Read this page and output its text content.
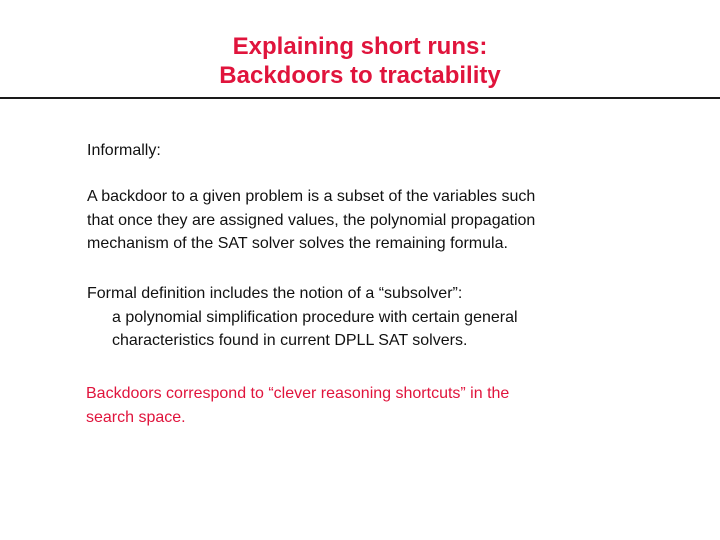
Explaining short runs:
Backdoors to tractability

Informally:

A backdoor to a given problem is a subset of the variables such
that once they are assigned values, the polynomial propagation
mechanism of the SAT solver solves the remaining formula.

Formal definition includes the notion of a “subsolver”:
a polynomial simplification procedure with certain general
characteristics found in current DPLL SAT solvers.

Backdoors correspond to “clever reasoning shortcuts” in the
search space.
